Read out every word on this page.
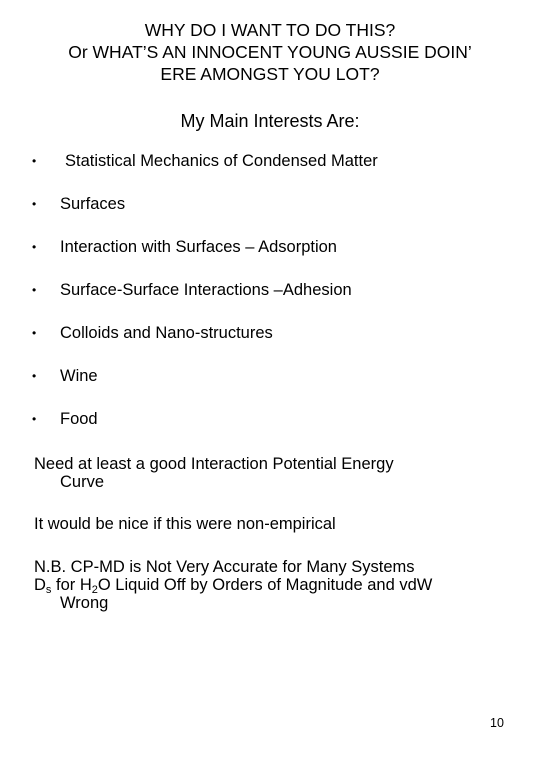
WHY DO I WANT TO DO THIS?
Or WHAT’S AN INNOCENT YOUNG AUSSIE DOIN’
ERE AMONGST YOU LOT?
My Main Interests Are:
• Statistical Mechanics of Condensed Matter
• Surfaces
• Interaction with Surfaces – Adsorption
• Surface-Surface Interactions –Adhesion
• Colloids and Nano-structures
• Wine
• Food
Need at least a good Interaction Potential Energy
Curve
It would be nice if this were non-empirical
N.B. CP-MD is Not Very Accurate for Many Systems
$D_s$ for $H_2O$ Liquid Off by Orders of Magnitude and vdW
Wrong
10
